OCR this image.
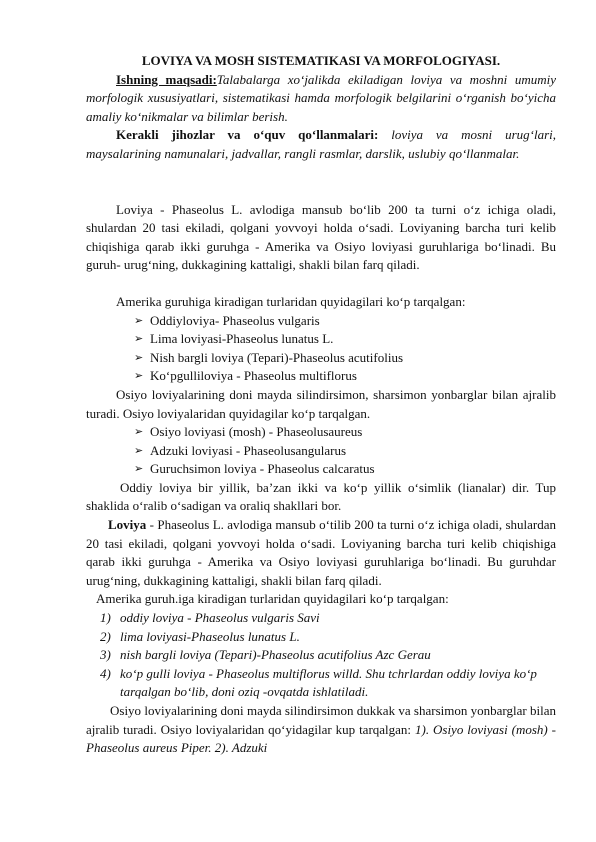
LOVIYA VA MOSH SISTEMATIKASI VA MORFOLOGIYASI.

Ishning maqsadi:Talabalarga xo‘jalikda ekiladigan loviya va moshni umumiy morfologik xususiyatlari, sistematikasi hamda morfologik belgilarini o‘rganish bo‘yicha amaliy ko‘nikmalar va bilimlar berish.

Kerakli jihozlar va o‘quv qo‘llanmalari: loviya va mosni urug‘lari, maysalarining namunalari, jadvallar, rangli rasmlar, darslik, uslubiy qo‘llanmalar.

Loviya - Phaseolus L. avlodiga mansub bo‘lib 200 ta turni o‘z ichiga oladi, shulardan 20 tasi ekiladi, qolgani yovvoyi holda o‘sadi. Loviyaning barcha turi kelib chiqishiga qarab ikki guruhga - Amerika va Osiyo loviyasi guruhlariga bo‘linadi. Bu guruh- urug‘ning, dukkagining kattaligi, shakli bilan farq qiladi.

Amerika guruhiga kiradigan turlaridan quyidagilari ko‘p tarqalgan:

➢ Oddiyloviya- Phaseolus vulgaris
➢ Lima loviyasi-Phaseolus lunatus L.
➢ Nish bargli loviya (Tepari)-Phaseolus acutifolius
➢ Ko‘pgulliloviya - Phaseolus multiflorus

Osiyo loviyalarining doni mayda silindirsimon, sharsimon yonbarglar bilan ajralib turadi. Osiyo loviyalaridan quyidagilar ko‘p tarqalgan.

➢ Osiyo loviyasi (mosh) - Phaseolusaureus
➢ Adzuki loviyasi - Phaseolusangularus
➢ Guruchsimon loviya - Phaseolus calcaratus

Oddiy loviya bir yillik, ba’zan ikki va ko‘p yillik o‘simlik (lianalar) dir. Tup shaklida o‘ralib o‘sadigan va oraliq shakllari bor.

Loviya - Phaseolus L. avlodiga mansub o‘tilib 200 ta turni o‘z ichiga oladi, shulardan 20 tasi ekiladi, qolgani yovvoyi holda o‘sadi. Loviyaning barcha turi kelib chiqishiga qarab ikki guruhga - Amerika va Osiyo loviyasi guruhlariga bo‘linadi. Bu guruhdar urug‘ning, dukkagining kattaligi, shakli bilan farq qiladi.

Amerika guruh.iga kiradigan turlaridan quyidagilari ko‘p tarqalgan:

1) oddiy loviya - Phaseolus vulgaris Savi
2) lima loviyasi-Phaseolus lunatus L.
3) nish bargli loviya (Tepari)-Phaseolus acutifolius Azc Gerau
4) ko‘p gulli loviya - Phaseolus multiflorus willd. Shu tchrlardan oddiy loviya ko‘p tarqalgan bo‘lib, doni oziq -ovqatda ishlatiladi.

Osiyo loviyalarining doni mayda silindirsimon dukkak va sharsimon yonbarglar bilan ajralib turadi. Osiyo loviyalaridan qo‘yidagilar kup tarqalgan: 1). Osiyo loviyasi (mosh) - Phaseolus aureus Piper. 2). Adzuki
